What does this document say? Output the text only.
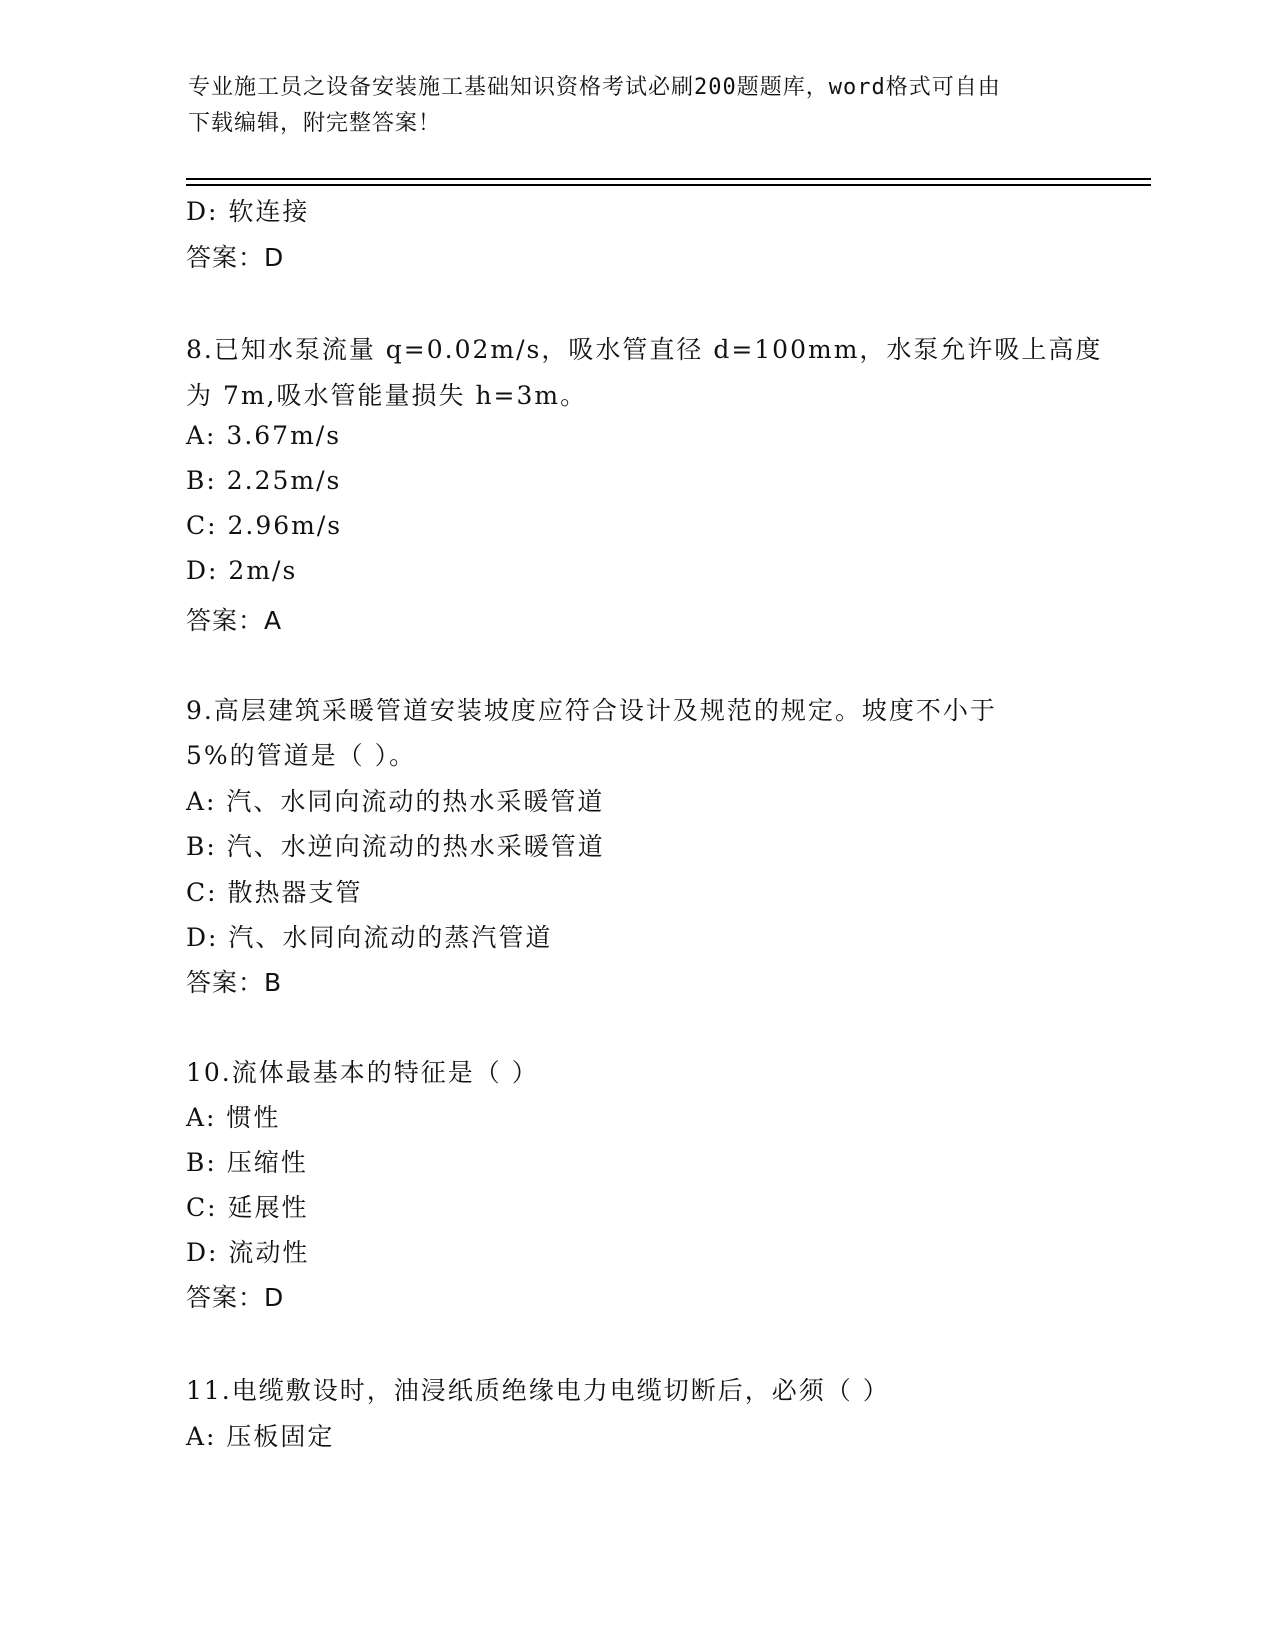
专业施工员之设备安装施工基础知识资格考试必刷200题题库，word格式可自由
下载编辑，附完整答案！
D: 软连接
答案：D
8.已知水泵流量 q=0.02m/s，吸水管直径 d=100mm，水泵允许吸上高度
为 7m,吸水管能量损失 h=3m。
A: 3.67m/s
B: 2.25m/s
C: 2.96m/s
D: 2m/s
答案：A
9.高层建筑采暖管道安装坡度应符合设计及规范的规定。坡度不小于
5%的管道是（ ）。
A: 汽、水同向流动的热水采暖管道
B: 汽、水逆向流动的热水采暖管道
C: 散热器支管
D: 汽、水同向流动的蒸汽管道
答案：B
10.流体最基本的特征是（ ）
A: 惯性
B: 压缩性
C: 延展性
D: 流动性
答案：D
11.电缆敷设时，油浸纸质绝缘电力电缆切断后，必须（ ）
A: 压板固定
